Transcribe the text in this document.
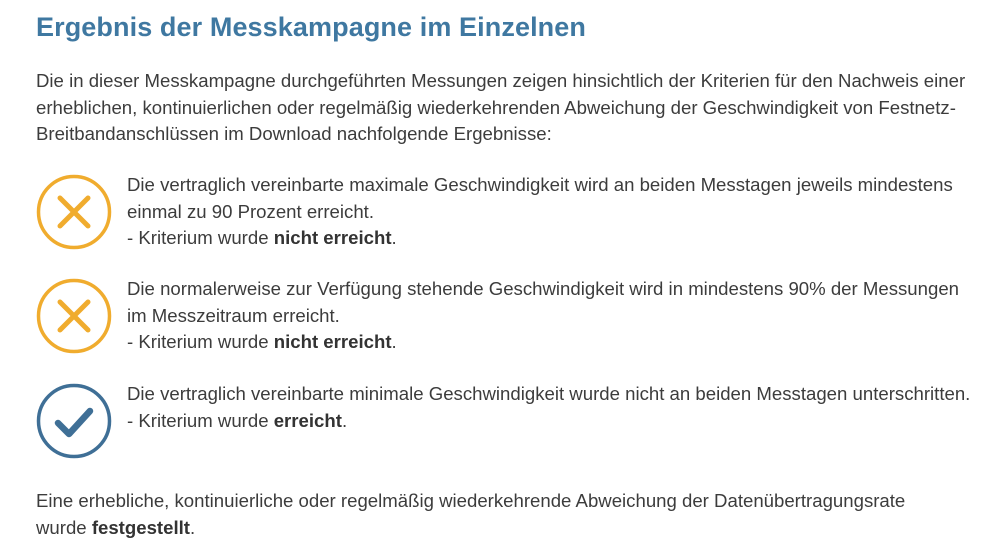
Ergebnis der Messkampagne im Einzelnen

Die in dieser Messkampagne durchgeführten Messungen zeigen hinsichtlich der Kriterien für den Nachweis einer erheblichen, kontinuierlichen oder regelmäßig wiederkehrenden Abweichung der Geschwindigkeit von Festnetz-Breitbandanschlüssen im Download nachfolgende Ergebnisse:

Die vertraglich vereinbarte maximale Geschwindigkeit wird an beiden Messtagen jeweils mindestens einmal zu 90 Prozent erreicht.
- Kriterium wurde nicht erreicht.

Die normalerweise zur Verfügung stehende Geschwindigkeit wird in mindestens 90% der Messungen im Messzeitraum erreicht.
- Kriterium wurde nicht erreicht.

Die vertraglich vereinbarte minimale Geschwindigkeit wurde nicht an beiden Messtagen unterschritten.
- Kriterium wurde erreicht.

Eine erhebliche, kontinuierliche oder regelmäßig wiederkehrende Abweichung der Datenübertragungsrate wurde festgestellt.
